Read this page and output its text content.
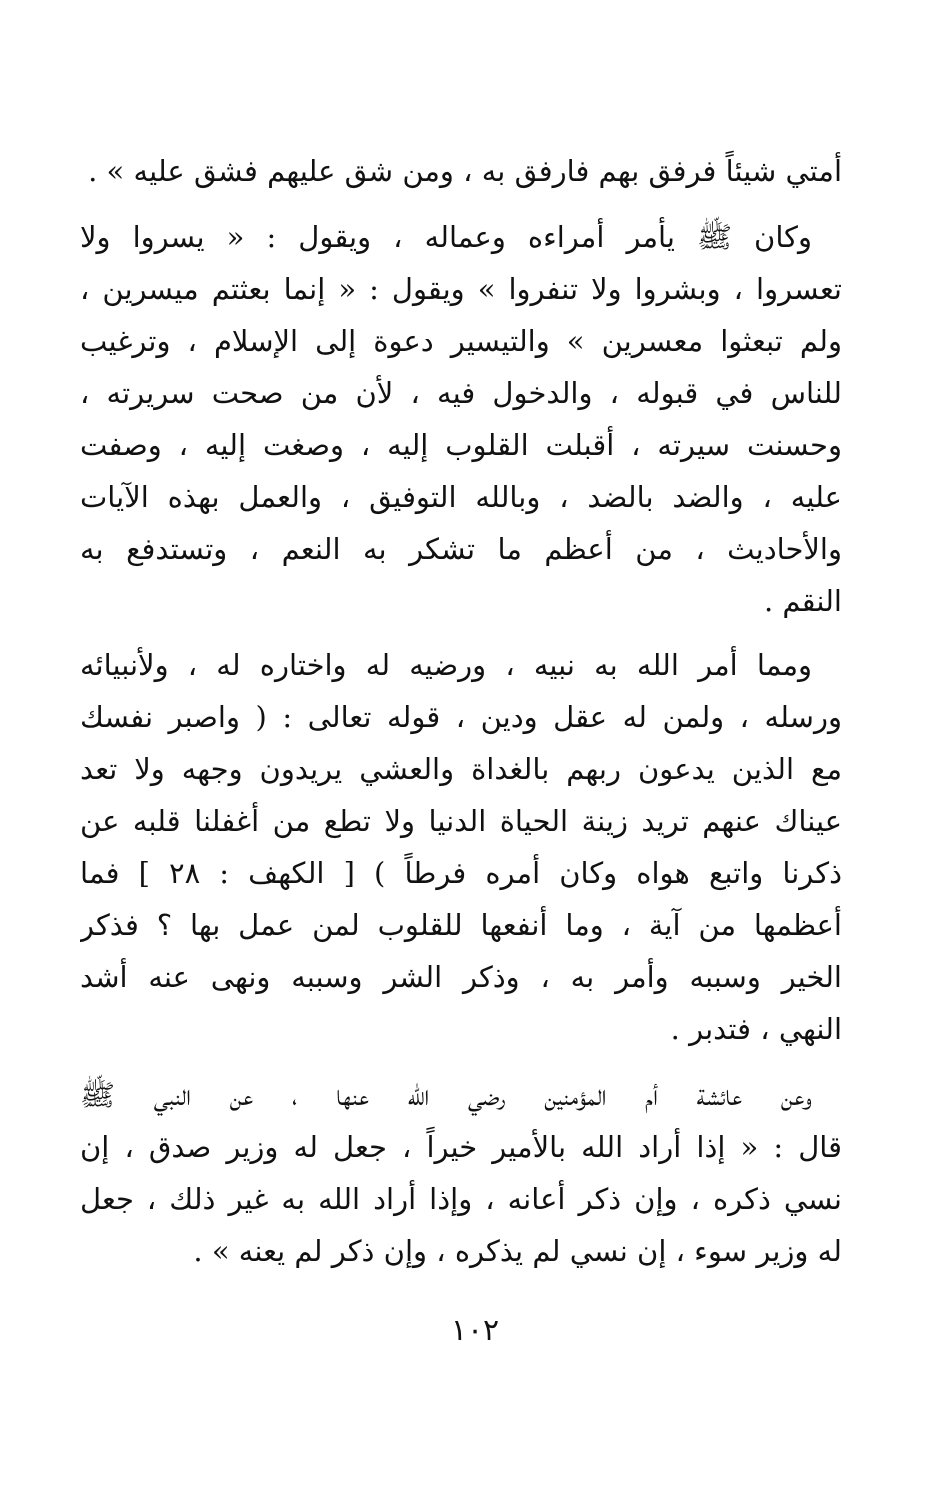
أمتي شيئاً فرفق بهم فارفق به ، ومن شق عليهم فشق عليه » .
وكان ﷺ يأمر أمراءه وعماله ، ويقول : « يسروا ولا
تعسروا ، وبشروا ولا تنفروا » ويقول : « إنما بعثتم ميسرين ،
ولم تبعثوا معسرين » والتيسير دعوة إلى الإسلام ، وترغيب
للناس في قبوله ، والدخول فيه ، لأن من صحت سريرته ،
وحسنت سيرته ، أقبلت القلوب إليه ، وصغت إليه ، وصفت
عليه ، والضد بالضد ، وبالله التوفيق ، والعمل بهذه الآيات
والأحاديث ، من أعظم ما تشكر به النعم ، وتستدفع به
النقم .
ومما أمر الله به نبيه ، ورضيه له واختاره له ، ولأنبيائه
ورسله ، ولمن له عقل ودين ، قوله تعالى : ( واصبر نفسك
مع الذين يدعون ربهم بالغداة والعشي يريدون وجهه ولا تعد
عيناك عنهم تريد زينة الحياة الدنيا ولا تطع من أغفلنا قلبه عن
ذكرنا واتبع هواه وكان أمره فرطاً ) [ الكهف : ٢٨ ] فما
أعظمها من آية ، وما أنفعها للقلوب لمن عمل بها ؟ فذكر
الخير وسببه وأمر به ، وذكر الشر وسببه ونهى عنه أشد
النهي ، فتدبر .
وعن عائشة أم المؤمنين رضي الله عنها ، عن النبي ﷺ
قال : « إذا أراد الله بالأمير خيراً ، جعل له وزير صدق ، إن
نسي ذكره ، وإن ذكر أعانه ، وإذا أراد الله به غير ذلك ، جعل
له وزير سوء ، إن نسي لم يذكره ، وإن ذكر لم يعنه » .
١٠٢
